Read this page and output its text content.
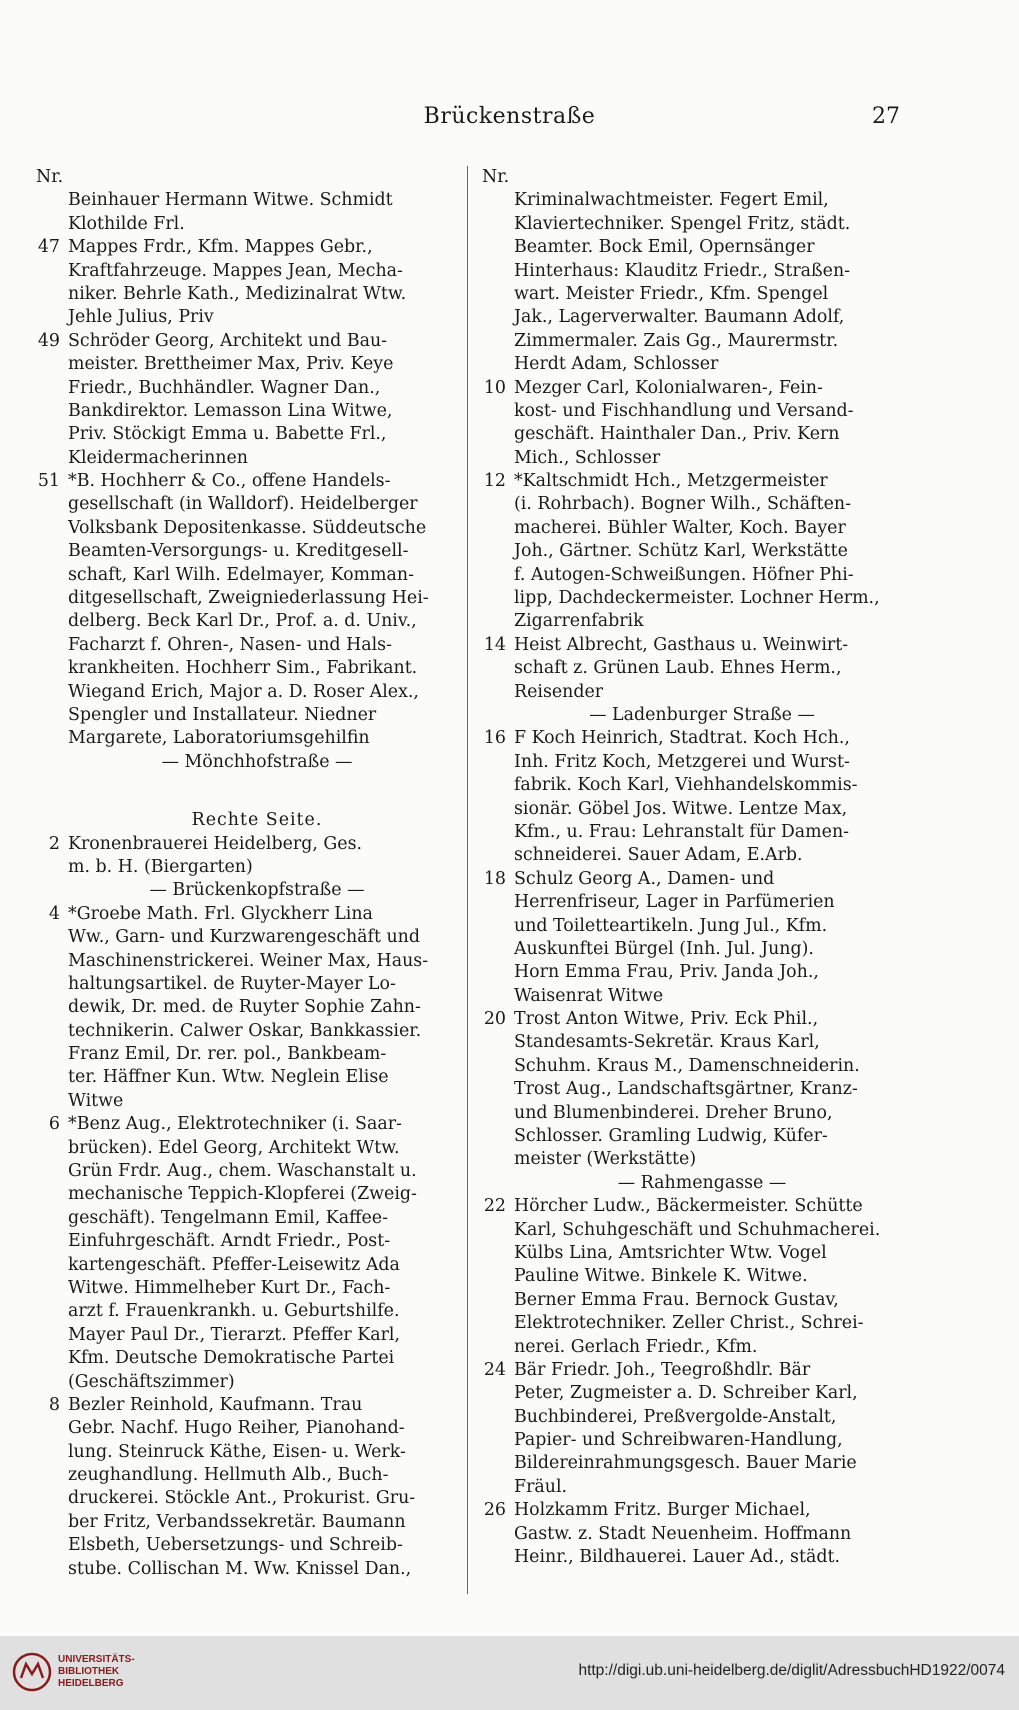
Brückenstraße	27
Nr.
Beinhauer Hermann Witwe. Schmidt
Klothilde Frl.
47 Mappes Frdr., Kfm. Mappes Gebr.,
Kraftfahrzeuge. Mappes Jean, Mecha-
niker. Behrle Kath., Medizinalrat Wtw.
Jehle Julius, Priv
49 Schröder Georg, Architekt und Bau-
meister. Brettheimer Max, Priv. Keye
Friedr., Buchhändler. Wagner Dan.,
Bankdirektor. Lemasson Lina Witwe,
Priv. Stöckigt Emma u. Babette Frl.,
Kleidermacherinnen
51 *B. Hochherr & Co., offene Handels-
gesellschaft (in Walldorf). Heidelberger
Volksbank Depositenkasse. Süddeutsche
Beamten-Versorgungs- u. Kreditgesell-
schaft, Karl Wilh. Edelmayer, Komman-
ditgesellschaft, Zweigniederlassung Hei-
delberg. Beck Karl Dr., Prof. a. d. Univ.,
Facharzt f. Ohren-, Nasen- und Hals-
krankheiten. Hochherr Sim., Fabrikant.
Wiegand Erich, Major a. D. Roser Alex.,
Spengler und Installateur. Niedner
Margarete, Laboratoriumsgehilfin
— Mönchhofstraße —
Rechte Seite.
2 Kronenbrauerei Heidelberg, Ges.
m. b. H. (Biergarten)
— Brückenkopfstraße —
4 *Groebe Math. Frl. Glyckherr Lina
Ww., Garn- und Kurzwarengeschäft und
Maschinenstrickerei. Weiner Max, Haus-
haltungsartikel. de Ruyter-Mayer Lo-
dewik, Dr. med. de Ruyter Sophie Zahn-
technikerin. Calwer Oskar, Bankkassier.
Franz Emil, Dr. rer. pol., Bankbeam-
ter. Häffner Kun. Wtw. Neglein Elise
Witwe
6 *Benz Aug., Elektrotechniker (i. Saar-
brücken). Edel Georg, Architekt Wtw.
Grün Frdr. Aug., chem. Waschanstalt u.
mechanische Teppich-Klopferei (Zweig-
geschäft). Tengelmann Emil, Kaffee-
Einfuhrgeschäft. Arndt Friedr., Post-
kartengeschäft. Pfeffer-Leisewitz Ada
Witwe. Himmelheber Kurt Dr., Fach-
arzt f. Frauenkrankh. u. Geburtshilfe.
Mayer Paul Dr., Tierarzt. Pfeffer Karl,
Kfm. Deutsche Demokratische Partei
(Geschäftszimmer)
8 Bezler Reinhold, Kaufmann. Trau
Gebr. Nachf. Hugo Reiher, Pianohand-
lung. Steinruck Käthe, Eisen- u. Werk-
zeughandlung. Hellmuth Alb., Buch-
druckerei. Stöckle Ant., Prokurist. Gru-
ber Fritz, Verbandssekretär. Baumann
Elsbeth, Uebersetzungs- und Schreib-
stube. Collischan M. Ww. Knissel Dan.,
Nr.
Kriminalwachtmeister. Fegert Emil,
Klaviertechniker. Spengel Fritz, städt.
Beamter. Bock Emil, Opernsänger
Hinterhaus: Klauditz Friedr., Straßen-
wart. Meister Friedr., Kfm. Spengel
Jak., Lagerverwalter. Baumann Adolf,
Zimmermaler. Zais Gg., Maurermstr.
Herdt Adam, Schlosser
10 Mezger Carl, Kolonialwaren-, Fein-
kost- und Fischhandlung und Versand-
geschäft. Hainthaler Dan., Priv. Kern
Mich., Schlosser
12 *Kaltschmidt Hch., Metzgermeister
(i. Rohrbach). Bogner Wilh., Schäften-
macherei. Bühler Walter, Koch. Bayer
Joh., Gärtner. Schütz Karl, Werkstätte
f. Autogen-Schweißungen. Höfner Phi-
lipp, Dachdeckermeister. Lochner Herm.,
Zigarrenfabrik
14 Heist Albrecht, Gasthaus u. Weinwirt-
schaft z. Grünen Laub. Ehnes Herm.,
Reisender
— Ladenburger Straße —
16 F Koch Heinrich, Stadtrat. Koch Hch.,
Inh. Fritz Koch, Metzgerei und Wurst-
fabrik. Koch Karl, Viehhandelskommis-
sionär. Göbel Jos. Witwe. Lentze Max,
Kfm., u. Frau: Lehranstalt für Damen-
schneiderei. Sauer Adam, E.Arb.
18 Schulz Georg A., Damen- und
Herrenfriseur, Lager in Parfümerien
und Toiletteartikeln. Jung Jul., Kfm.
Auskunftei Bürgel (Inh. Jul. Jung).
Horn Emma Frau, Priv. Janda Joh.,
Waisenrat Witwe
20 Trost Anton Witwe, Priv. Eck Phil.,
Standesamts-Sekretär. Kraus Karl,
Schuhm. Kraus M., Damenschneiderin.
Trost Aug., Landschaftsgärtner, Kranz-
und Blumenbinderei. Dreher Bruno,
Schlosser. Gramling Ludwig, Küfer-
meister (Werkstätte)
— Rahmengasse —
22 Hörcher Ludw., Bäckermeister. Schütte
Karl, Schuhgeschäft und Schuhmacherei.
Külbs Lina, Amtsrichter Wtw. Vogel
Pauline Witwe. Binkele K. Witwe.
Berner Emma Frau. Bernock Gustav,
Elektrotechniker. Zeller Christ., Schrei-
nerei. Gerlach Friedr., Kfm.
24 Bär Friedr. Joh., Teegroßhdlr. Bär
Peter, Zugmeister a. D. Schreiber Karl,
Buchbinderei, Preßvergolde-Anstalt,
Papier- und Schreibwaren-Handlung,
Bildereinrahmungsgesch. Bauer Marie
Fräul.
26 Holzkamm Fritz. Burger Michael,
Gastw. z. Stadt Neuenheim. Hoffmann
Heinr., Bildhauerei. Lauer Ad., städt.
UNIVERSITÄTS-
BIBLIOTHEK
HEIDELBERG
http://digi.ub.uni-heidelberg.de/diglit/AdressbuchHD1922/0074
